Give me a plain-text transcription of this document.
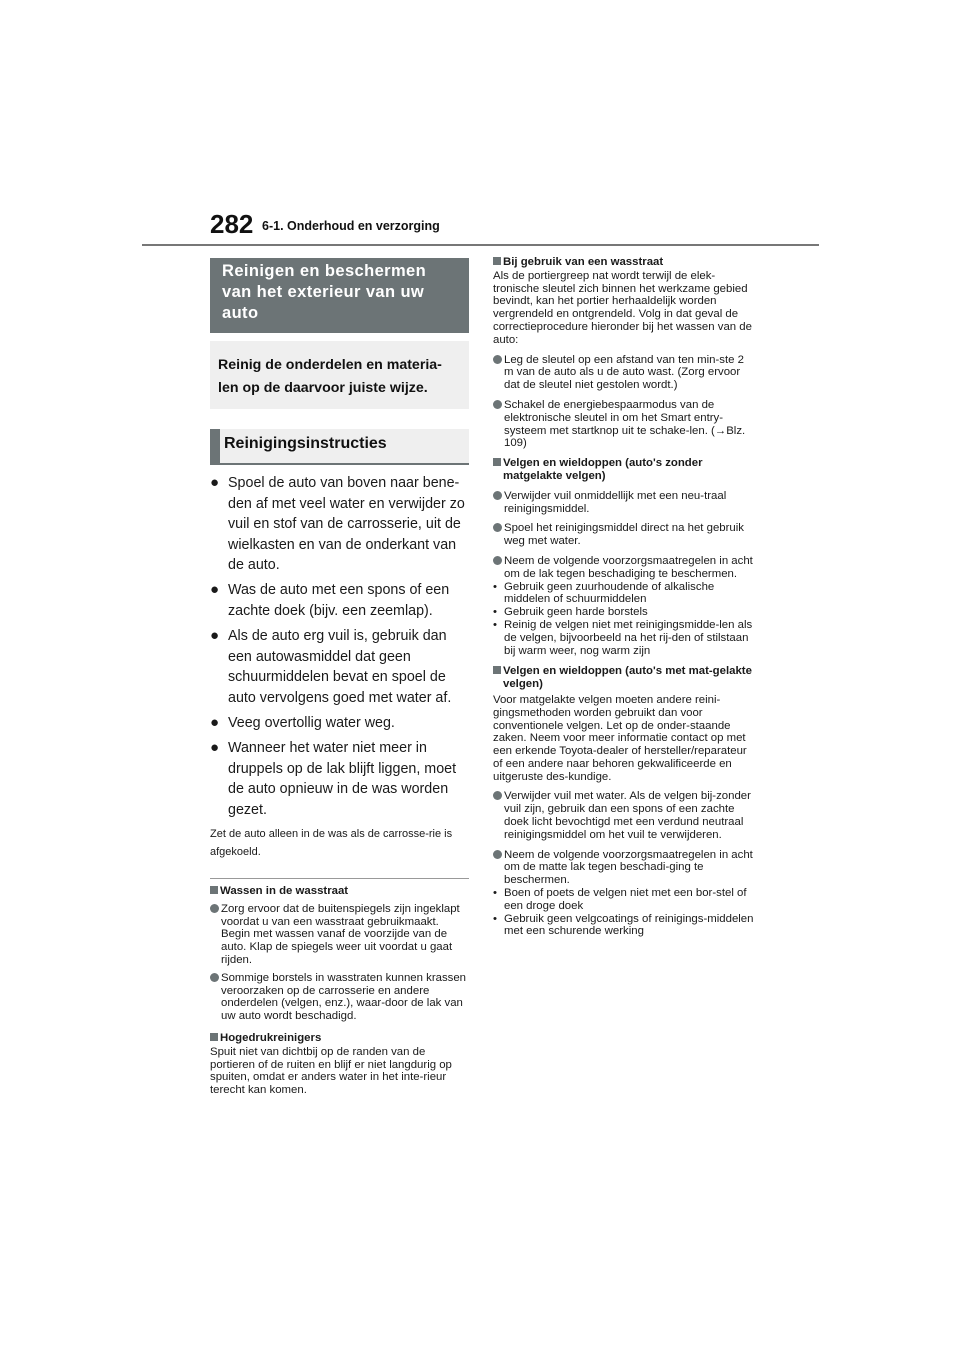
282 6-1. Onderhoud en verzorging
Reinigen en beschermen van het exterieur van uw auto
Reinig de onderdelen en materia-len op de daarvoor juiste wijze.
Reinigingsinstructies
● Spoel de auto van boven naar bene-den af met veel water en verwijder zo vuil en stof van de carrosserie, uit de wielkasten en van de onderkant van de auto.
● Was de auto met een spons of een zachte doek (bijv. een zeemlap).
● Als de auto erg vuil is, gebruik dan een autowasmiddel dat geen schuurmiddelen bevat en spoel de auto vervolgens goed met water af.
● Veeg overtollig water weg.
● Wanneer het water niet meer in druppels op de lak blijft liggen, moet de auto opnieuw in de was worden gezet.

Zet de auto alleen in de was als de carrosse-rie is afgekoeld.

Wassen in de wasstraat
Zorg ervoor dat de buitenspiegels zijn ingeklapt voordat u van een wasstraat gebruikmaakt. Begin met wassen vanaf de voorzijde van de auto. Klap de spiegels weer uit voordat u gaat rijden.
Sommige borstels in wasstraten kunnen krassen veroorzaken op de carrosserie en andere onderdelen (velgen, enz.), waar-door de lak van uw auto wordt beschadigd.
Hogedrukreinigers
Spuit niet van dichtbij op de randen van de portieren of de ruiten en blijf er niet langdurig op spuiten, omdat er anders water in het inte-rieur terecht kan komen.
Bij gebruik van een wasstraat
Als de portiergreep nat wordt terwijl de elek-tronische sleutel zich binnen het werkzame gebied bevindt, kan het portier herhaaldelijk worden vergrendeld en ontgrendeld. Volg in dat geval de correctieprocedure hieronder bij het wassen van de auto:
Leg de sleutel op een afstand van ten min-ste 2 m van de auto als u de auto wast. (Zorg ervoor dat de sleutel niet gestolen wordt.)
Schakel de energiebespaarmodus van de elektronische sleutel in om het Smart entry-systeem met startknop uit te schake-len. (→Blz. 109)
Velgen en wieldoppen (auto's zonder matgelakte velgen)
Verwijder vuil onmiddellijk met een neu-traal reinigingsmiddel.
Spoel het reinigingsmiddel direct na het gebruik weg met water.
Neem de volgende voorzorgsmaatregelen in acht om de lak tegen beschadiging te beschermen.
• Gebruik geen zuurhoudende of alkalische middelen of schuurmiddelen
• Gebruik geen harde borstels
• Reinig de velgen niet met reinigingsmidde-len als de velgen, bijvoorbeeld na het rij-den of stilstaan bij warm weer, nog warm zijn
Velgen en wieldoppen (auto's met mat-gelakte velgen)
Voor matgelakte velgen moeten andere reini-gingsmethoden worden gebruikt dan voor conventionele velgen. Let op de onder-staande zaken. Neem voor meer informatie contact op met een erkende Toyota-dealer of hersteller/reparateur of een andere naar behoren gekwalificeerde en uitgeruste des-kundige.
Verwijder vuil met water. Als de velgen bij-zonder vuil zijn, gebruik dan een spons of een zachte doek licht bevochtigd met een verdund neutraal reinigingsmiddel om het vuil te verwijderen.
Neem de volgende voorzorgsmaatregelen in acht om de matte lak tegen beschadi-ging te beschermen.
• Boen of poets de velgen niet met een bor-stel of een droge doek
• Gebruik geen velgcoatings of reinigings-middelen met een schurende werking
